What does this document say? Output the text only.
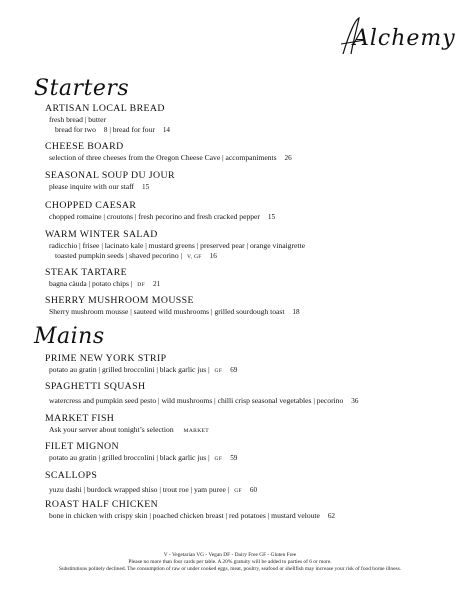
Alchemy
Starters
ARTISAN LOCAL BREAD
fresh bread | butter
bread for two 8 | bread for four 14
CHEESE BOARD
selection of three cheeses from the Oregon Cheese Cave | accompaniments 26
SEASONAL SOUP DU JOUR
please inquire with our staff 15
CHOPPED CAESAR
chopped romaine | croutons | fresh pecorino and fresh cracked pepper 15
WARM WINTER SALAD
radicchio | frisee | lacinato kale | mustard greens | preserved pear | orange vinaigrette
toasted pumpkin seeds | shaved pecorino | V, GF 16
STEAK TARTARE
bagna càuda | potato chips | DF 21
SHERRY MUSHROOM MOUSSE
Sherry mushroom mousse | sauteed wild mushrooms | grilled sourdough toast 18
Mains
PRIME NEW YORK STRIP
potato au gratin | grilled broccolini | black garlic jus | GF 69
SPAGHETTI SQUASH
watercress and pumpkin seed pesto | wild mushrooms | chilli crisp seasonal vegetables | pecorino 36
MARKET FISH
Ask your server about tonight’s selection MARKET
FILET MIGNON
potato au gratin | grilled broccolini | black garlic jus | GF 59
SCALLOPS
yuzu dashi | burdock wrapped shiso | trout roe | yam puree | GF 60
ROAST HALF CHICKEN
bone in chicken with crispy skin | poached chicken breast | red potatoes | mustard veloute 62
V - Vegetarian VG - Vegan DF - Dairy Free GF - Gluten Free
Please no more than four cards per table. A 20% gratuity will be added to parties of 6 or more.
Substitutions politely declined. The consumption of raw or under cooked eggs, meat, poultry, seafood or shellfish may increase your risk of food borne illness.
